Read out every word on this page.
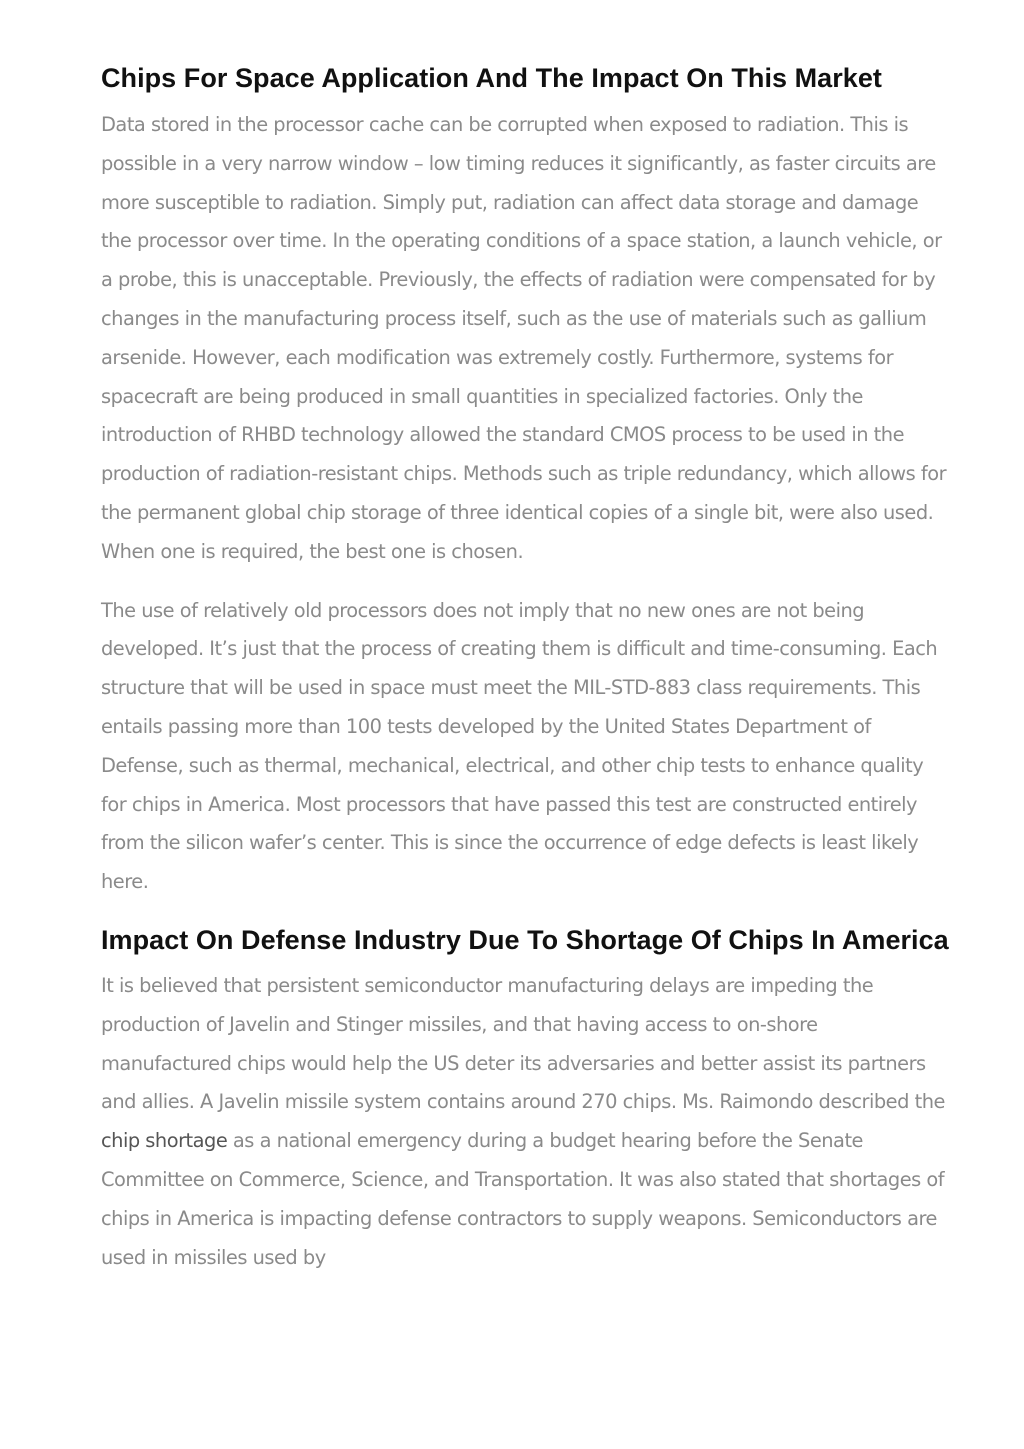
Chips For Space Application And The Impact On This Market

Data stored in the processor cache can be corrupted when exposed to radiation. This is possible in a very narrow window – low timing reduces it significantly, as faster circuits are more susceptible to radiation. Simply put, radiation can affect data storage and damage the processor over time. In the operating conditions of a space station, a launch vehicle, or a probe, this is unacceptable. Previously, the effects of radiation were compensated for by changes in the manufacturing process itself, such as the use of materials such as gallium arsenide. However, each modification was extremely costly. Furthermore, systems for spacecraft are being produced in small quantities in specialized factories. Only the introduction of RHBD technology allowed the standard CMOS process to be used in the production of radiation-resistant chips. Methods such as triple redundancy, which allows for the permanent global chip storage of three identical copies of a single bit, were also used. When one is required, the best one is chosen.

The use of relatively old processors does not imply that no new ones are not being developed. It’s just that the process of creating them is difficult and time-consuming. Each structure that will be used in space must meet the MIL-STD-883 class requirements. This entails passing more than 100 tests developed by the United States Department of Defense, such as thermal, mechanical, electrical, and other chip tests to enhance quality for chips in America. Most processors that have passed this test are constructed entirely from the silicon wafer’s center. This is since the occurrence of edge defects is least likely here.

Impact On Defense Industry Due To Shortage Of Chips In America

It is believed that persistent semiconductor manufacturing delays are impeding the production of Javelin and Stinger missiles, and that having access to on-shore manufactured chips would help the US deter its adversaries and better assist its partners and allies. A Javelin missile system contains around 270 chips. Ms. Raimondo described the chip shortage as a national emergency during a budget hearing before the Senate Committee on Commerce, Science, and Transportation. It was also stated that shortages of chips in America is impacting defense contractors to supply weapons. Semiconductors are used in missiles used by
